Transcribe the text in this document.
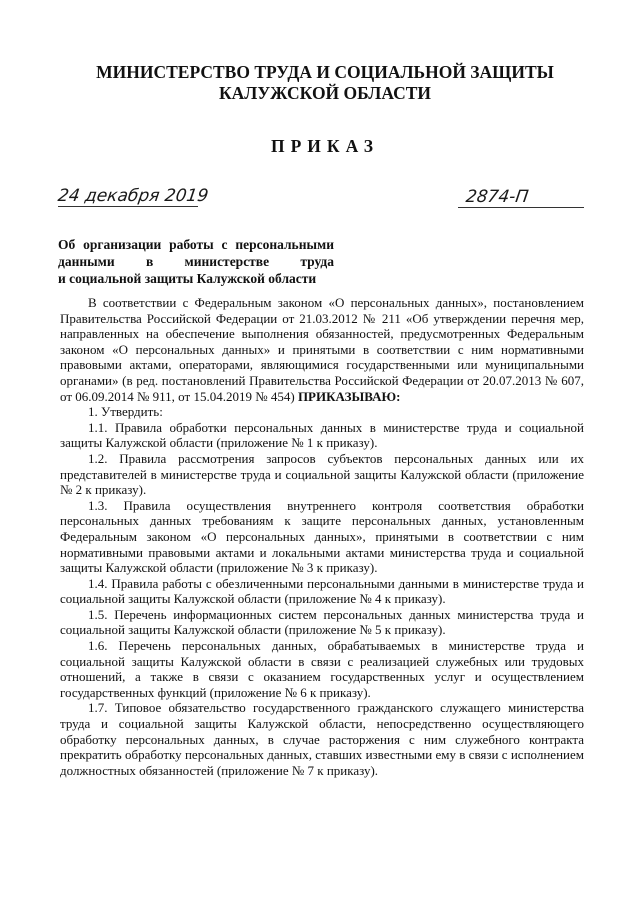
МИНИСТЕРСТВО ТРУДА И СОЦИАЛЬНОЙ ЗАЩИТЫ
КАЛУЖСКОЙ ОБЛАСТИ
ПРИКАЗ
24 декабря 2019	2874-П
Об организации работы с персональными
данными в министерстве труда
и социальной защиты Калужской области

В соответствии с Федеральным законом «О персональных данных», постановлением Правительства Российской Федерации от 21.03.2012 № 211 «Об утверждении перечня мер, направленных на обеспечение выполнения обязанностей, предусмотренных Федеральным законом «О персональных данных» и принятыми в соответствии с ним нормативными правовыми актами, операторами, являющимися государственными или муниципальными органами» (в ред. постановлений Правительства Российской Федерации от 20.07.2013 № 607, от 06.09.2014 № 911, от 15.04.2019 № 454) ПРИКАЗЫВАЮ:

1. Утвердить:

1.1. Правила обработки персональных данных в министерстве труда и социальной защиты Калужской области (приложение № 1 к приказу).

1.2. Правила рассмотрения запросов субъектов персональных данных или их представителей в министерстве труда и социальной защиты Калужской области (приложение № 2 к приказу).

1.3. Правила осуществления внутреннего контроля соответствия обработки персональных данных требованиям к защите персональных данных, установленным Федеральным законом «О персональных данных», принятыми в соответствии с ним нормативными правовыми актами и локальными актами министерства труда и социальной защиты Калужской области (приложение № 3 к приказу).

1.4. Правила работы с обезличенными персональными данными в министерстве труда и социальной защиты Калужской области (приложение № 4 к приказу).

1.5. Перечень информационных систем персональных данных министерства труда и социальной защиты Калужской области (приложение № 5 к приказу).

1.6. Перечень персональных данных, обрабатываемых в министерстве труда и социальной защиты Калужской области в связи с реализацией служебных или трудовых отношений, а также в связи с оказанием государственных услуг и осуществлением государственных функций (приложение № 6 к приказу).

1.7. Типовое обязательство государственного гражданского служащего министерства труда и социальной защиты Калужской области, непосредственно осуществляющего обработку персональных данных, в случае расторжения с ним служебного контракта прекратить обработку персональных данных, ставших известными ему в связи с исполнением должностных обязанностей (приложение № 7 к приказу).
